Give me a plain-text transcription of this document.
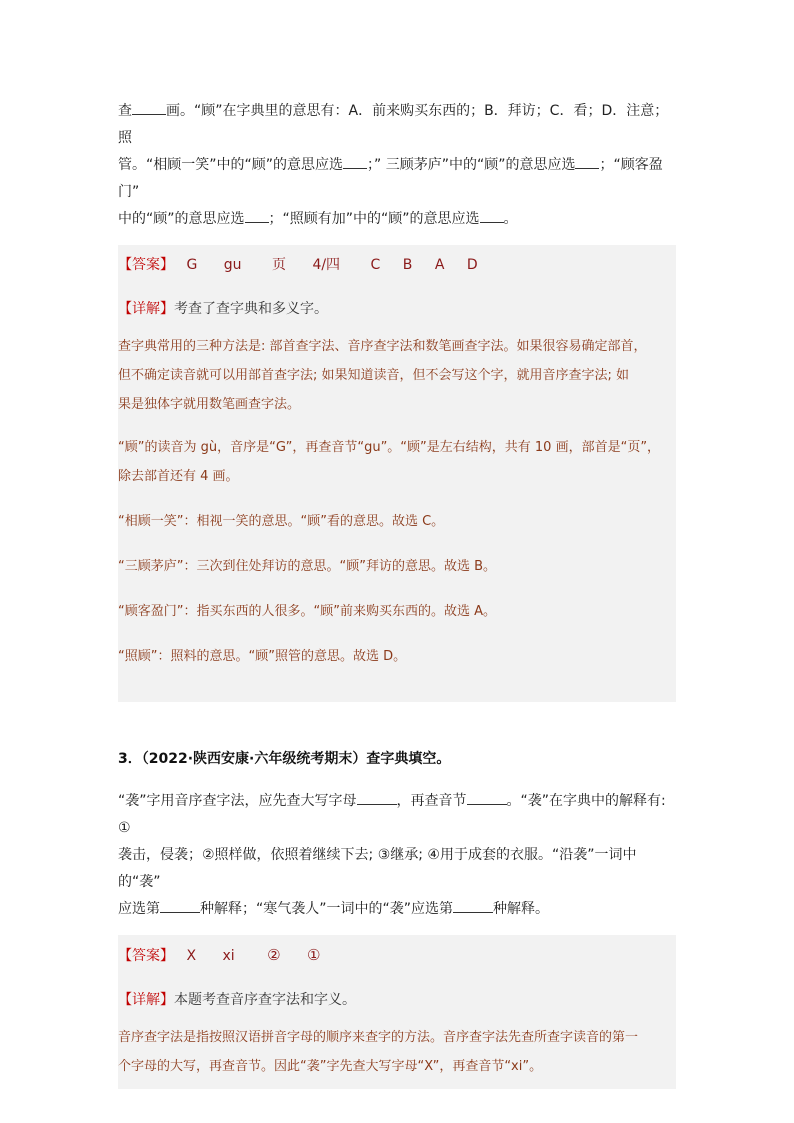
查 画。“顾”在字典里的意思有：A．前来购买东西的；B．拜访；C．看；D．注意；照

管。“相顾一笑”中的“顾”的意思应选 ；” 三顾茅庐”中的“顾”的意思应选 ；“顾客盈门”

中的“顾”的意思应选 ；“照顾有加”中的“顾”的意思应选 。

【答案】 G gu 页 4/四 C B A D

【详解】考查了查字典和多义字。

查字典常用的三种方法是: 部首查字法、音序查字法和数笔画查字法。如果很容易确定部首，

但不确定读音就可以用部首查字法; 如果知道读音，但不会写这个字，就用音序查字法; 如

果是独体字就用数笔画查字法。

“顾”的读音为 gù，音序是“G”，再查音节“gu”。“顾”是左右结构，共有 10 画，部首是“页”，

除去部首还有 4 画。

“相顾一笑”：相视一笑的意思。“顾”看的意思。故选 C。

“三顾茅庐”：三次到住处拜访的意思。“顾”拜访的意思。故选 B。

“顾客盈门”：指买东西的人很多。“顾”前来购买东西的。故选 A。

“照顾”：照料的意思。“顾”照管的意思。故选 D。

3．（2022·陕西安康·六年级统考期末）查字典填空。

“袭”字用音序查字法，应先查大写字母	，再查音节	。“袭”在字典中的解释有: ①

袭击，侵袭；②照样做，依照着继续下去; ③继承; ④用于成套的衣服。“沿袭”一词中的“袭”

应选第	种解释；“寒气袭人”一词中的“袭”应选第	种解释。

【答案】 X xi ② ①

【详解】本题考查音序查字法和字义。

音序查字法是指按照汉语拼音字母的顺序来查字的方法。音序查字法先查所查字读音的第一

个字母的大写，再查音节。因此“袭”字先查大写字母“X”，再查音节“xi”。
